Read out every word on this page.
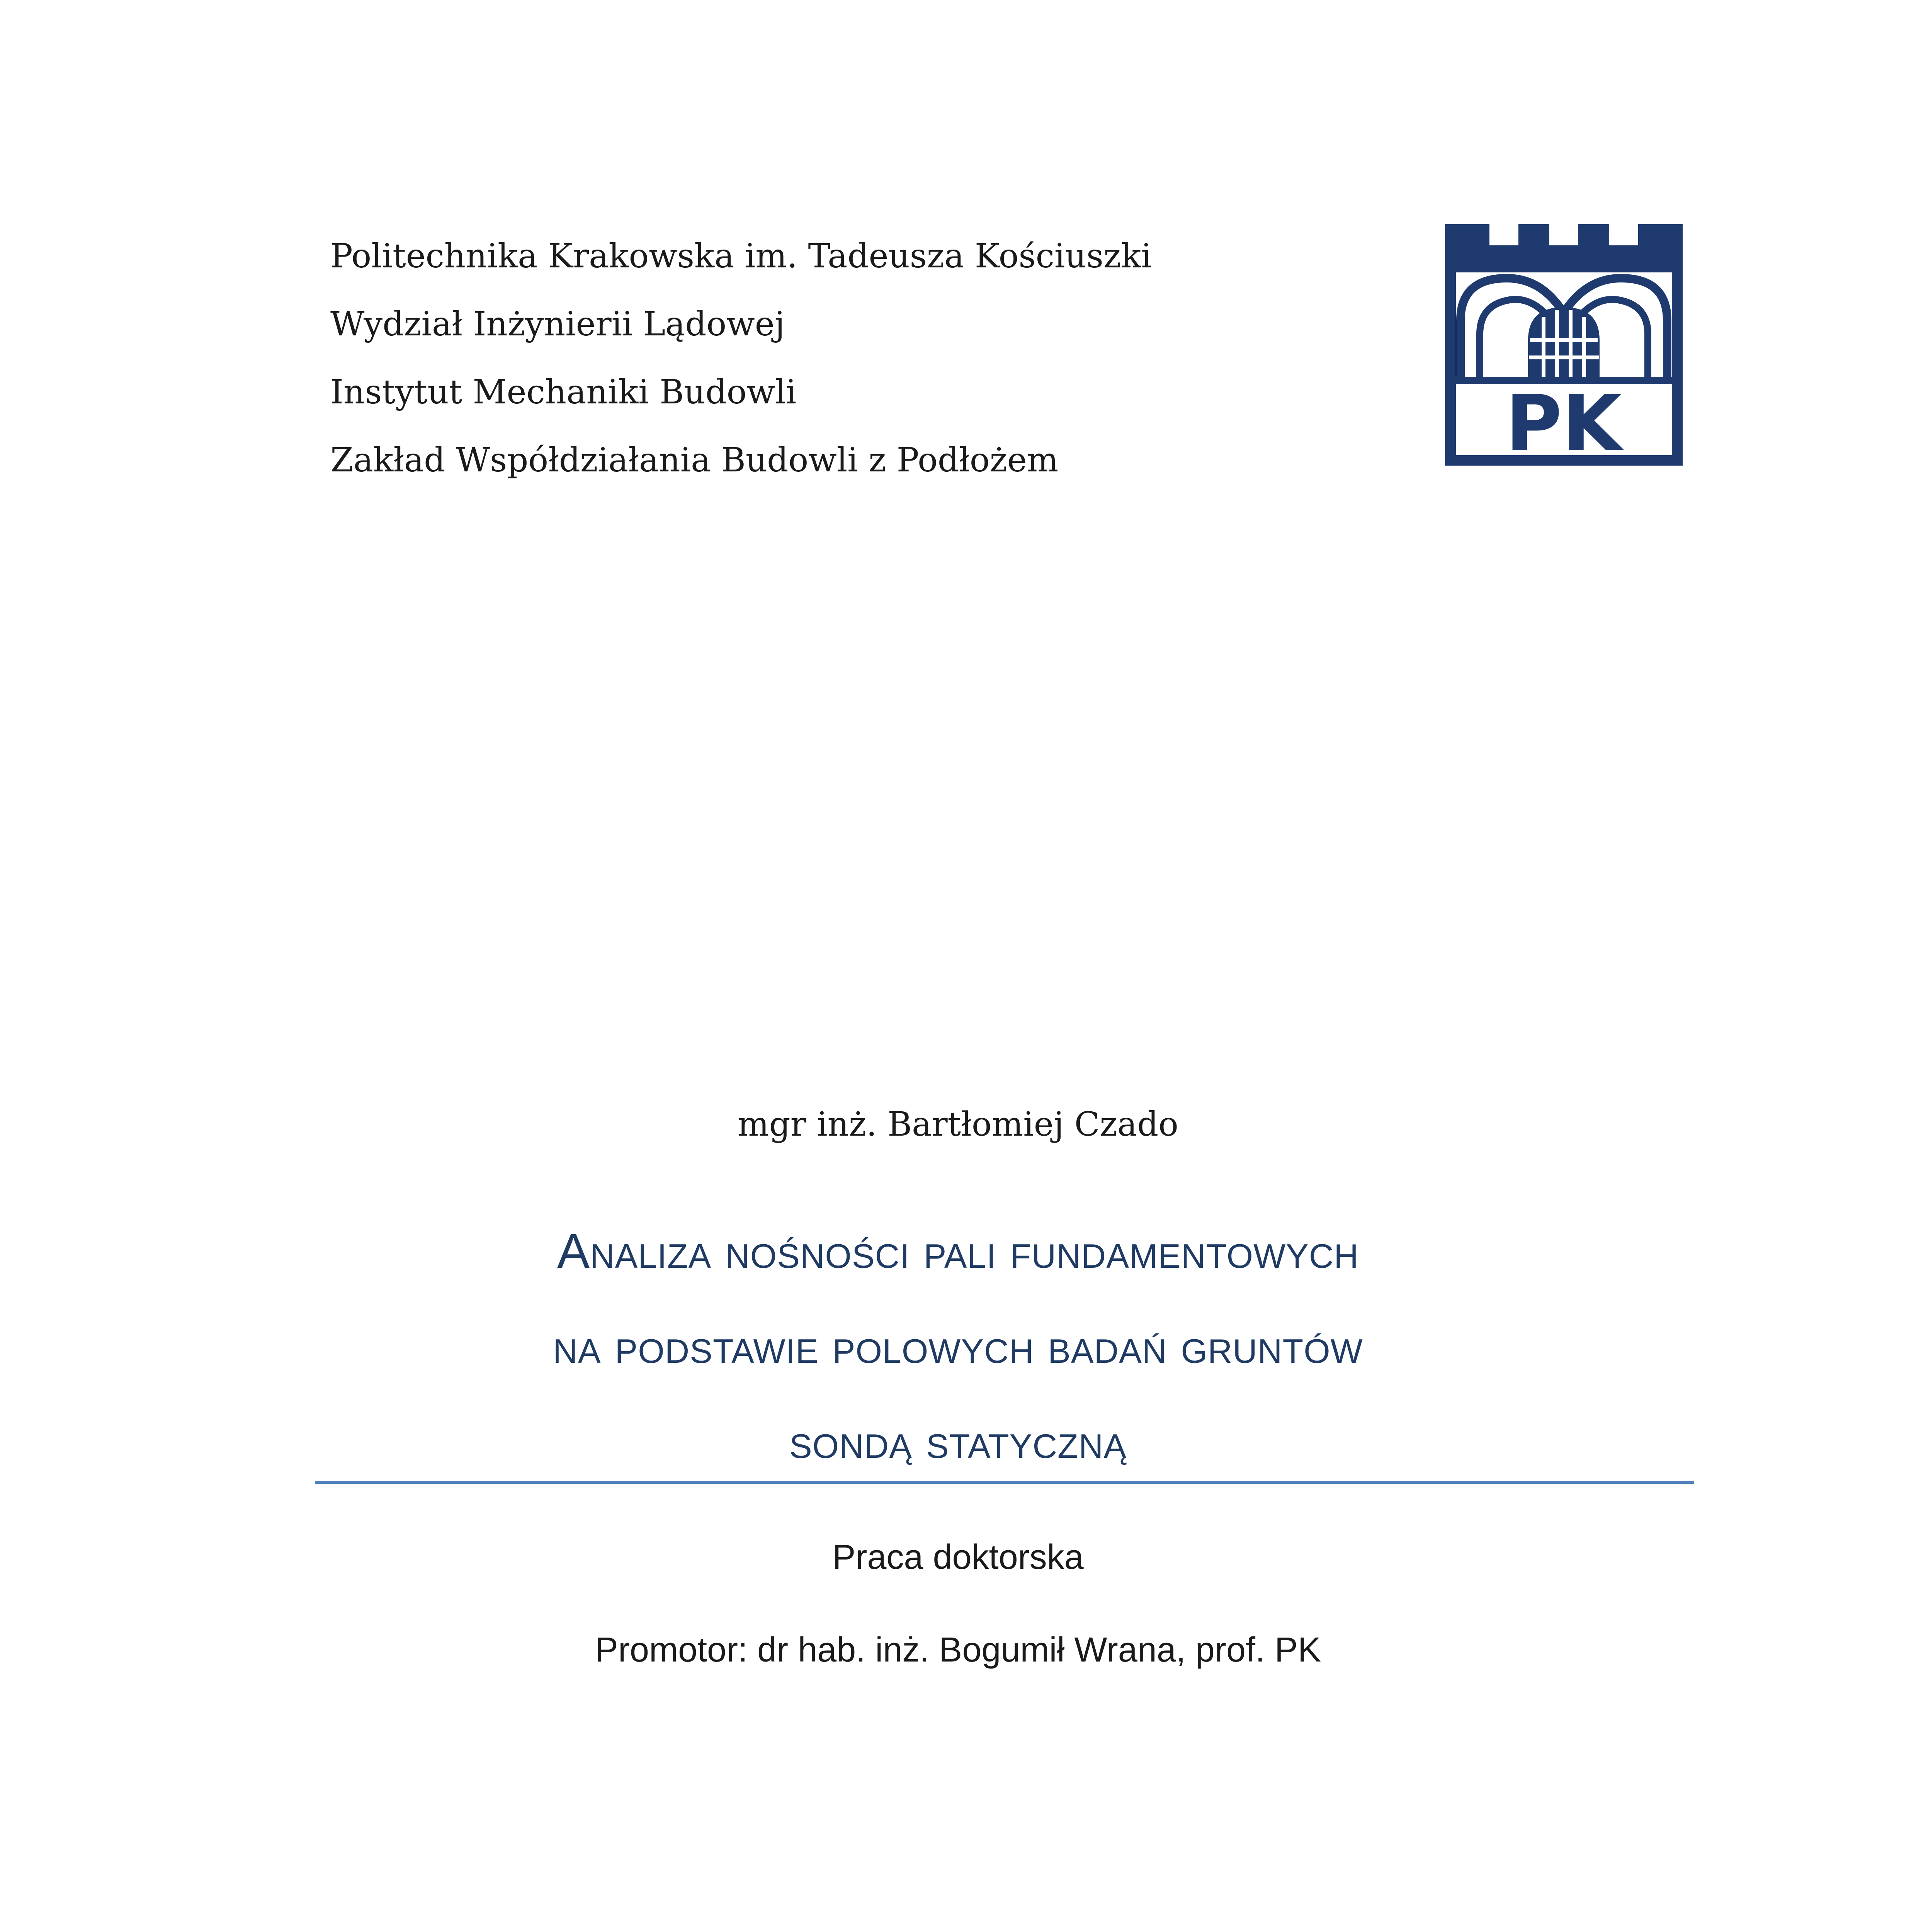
Politechnika Krakowska im. Tadeusza Kościuszki
Wydział Inżynierii Lądowej
Instytut Mechaniki Budowli
Zakład Współdziałania Budowli z Podłożem	PK
mgr inż. Bartłomiej Czado
Analiza nośności pali fundamentowych
na podstawie polowych badań gruntów
sondą statyczną
Praca doktorska
Promotor: dr hab. inż. Bogumił Wrana, prof. PK
